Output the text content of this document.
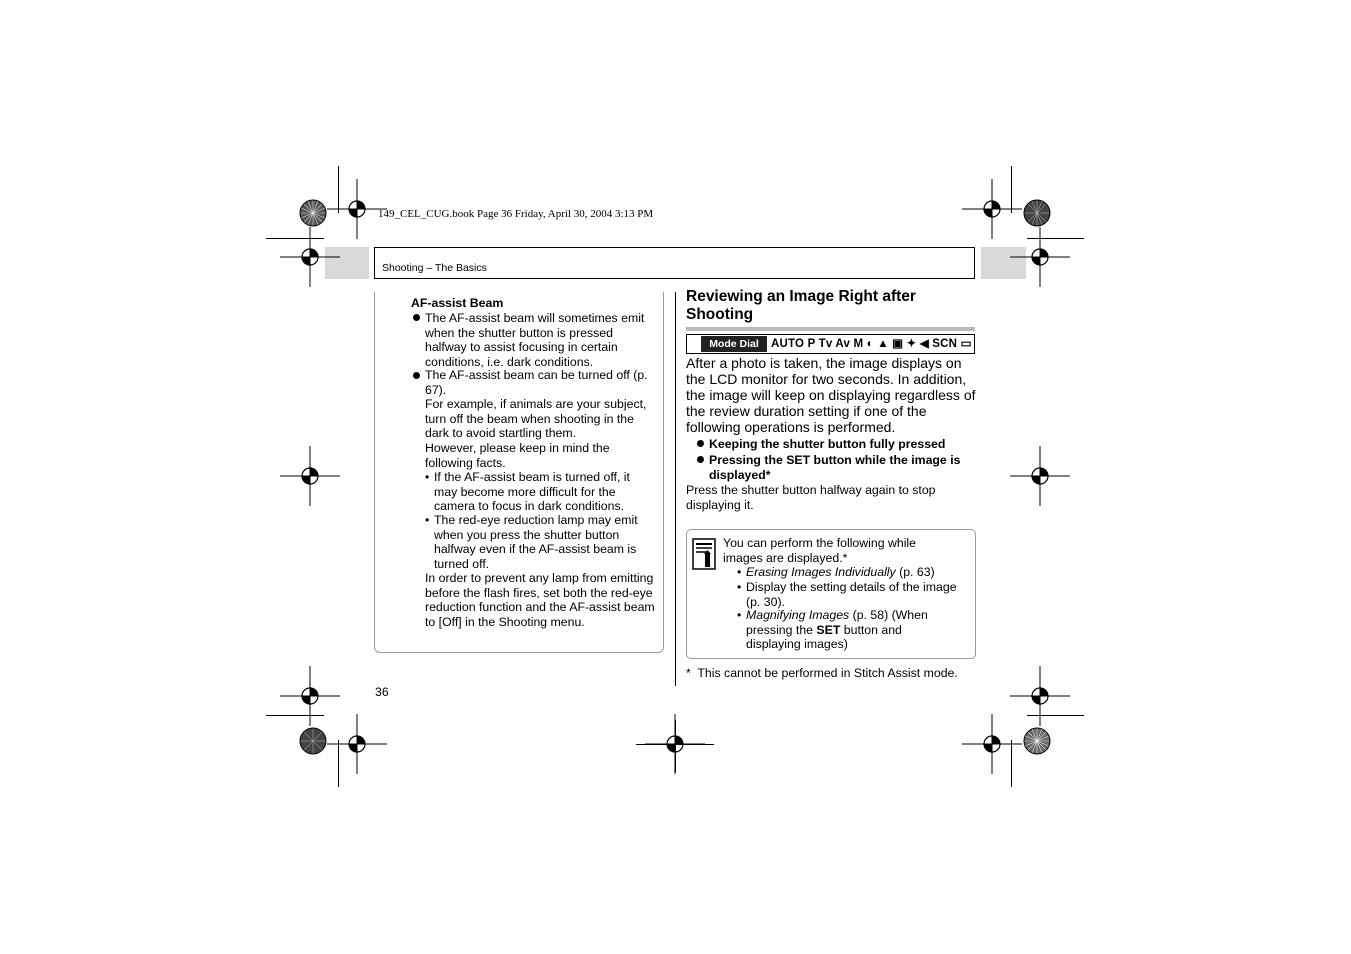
149_CEL_CUG.book Page 36 Friday, April 30, 2004 3:13 PM
Shooting – The Basics
AF-assist Beam
The AF-assist beam will sometimes emit when the shutter button is pressed halfway to assist focusing in certain conditions, i.e. dark conditions.
The AF-assist beam can be turned off (p. 67).
For example, if animals are your subject, turn off the beam when shooting in the dark to avoid startling them.
However, please keep in mind the following facts.
• If the AF-assist beam is turned off, it may become more difficult for the camera to focus in dark conditions.
• The red-eye reduction lamp may emit when you press the shutter button halfway even if the AF-assist beam is turned off.
In order to prevent any lamp from emitting before the flash fires, set both the red-eye reduction function and the AF-assist beam to [Off] in the Shooting menu.
36
Reviewing an Image Right after Shooting
Mode Dial	AUTO P Tv Av M ◐ ▲ ▣ ✦ ◀ SCN ▭
After a photo is taken, the image displays on the LCD monitor for two seconds. In addition, the image will keep on displaying regardless of the review duration setting if one of the following operations is performed.
Keeping the shutter button fully pressed
Pressing the SET button while the image is displayed*
Press the shutter button halfway again to stop displaying it.
You can perform the following while images are displayed.*
• Erasing Images Individually (p. 63)
• Display the setting details of the image (p. 30).
• Magnifying Images (p. 58) (When pressing the SET button and displaying images)
*  This cannot be performed in Stitch Assist mode.
